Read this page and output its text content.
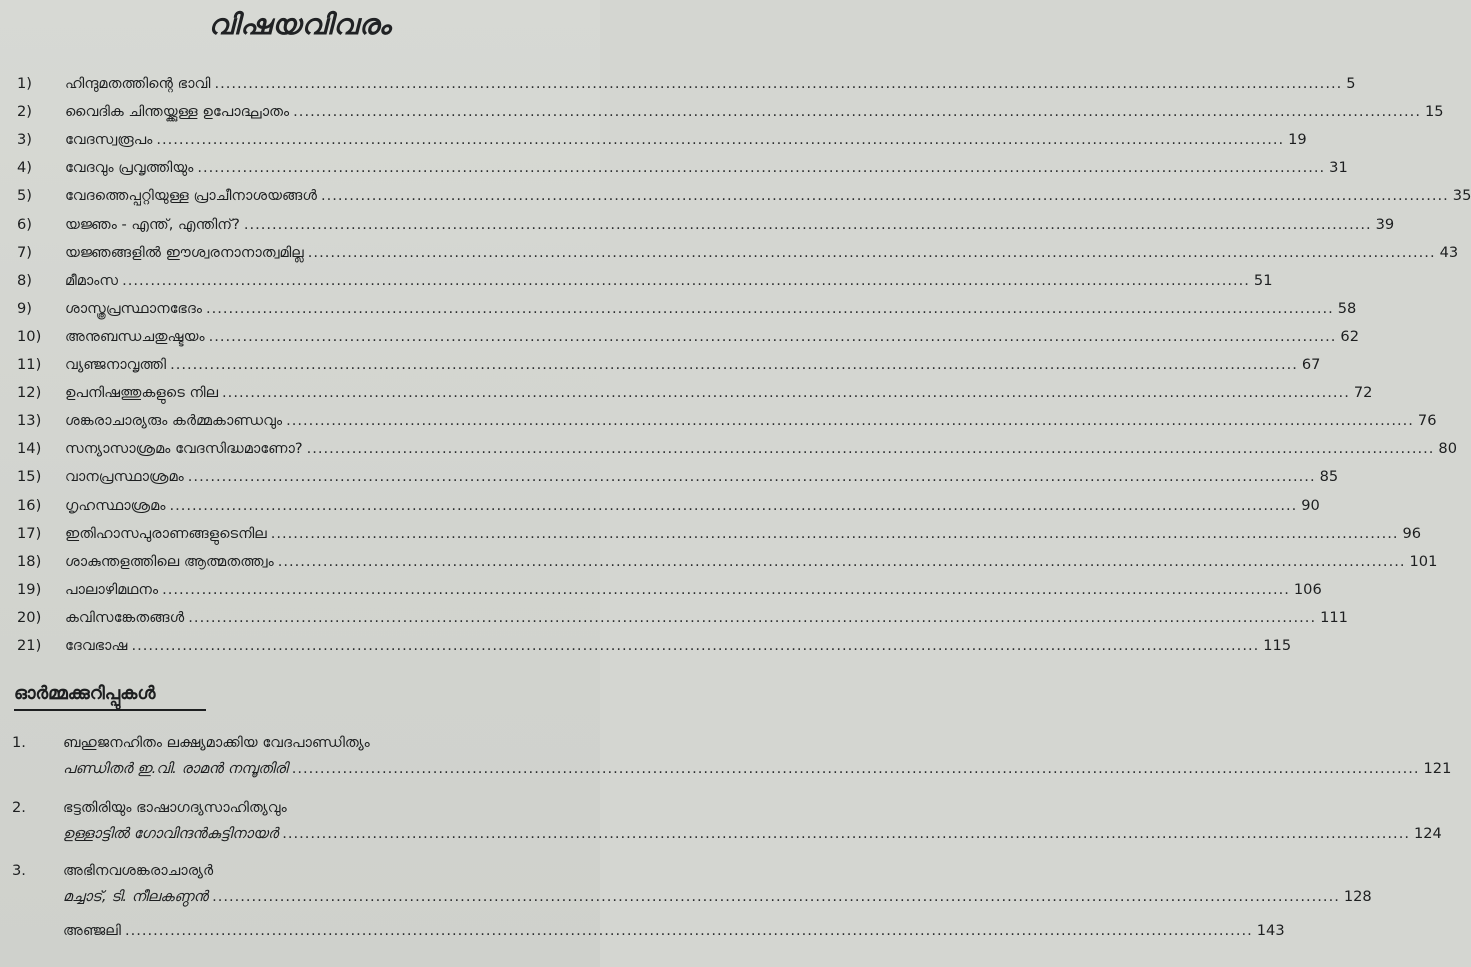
വിഷയവിവരം
1)	ഹിന്ദുമതത്തിന്റെ ഭാവി ........................................................................................................................................................................................................ 5
2)	വൈദിക ചിന്തയ്ക്കുള്ള ഉപോദ്ഘാതം ........................................................................................................................................................................................................ 15
3)	വേദസ്വരൂപം ........................................................................................................................................................................................................ 19
4)	വേദവും പ്രവൃത്തിയും ........................................................................................................................................................................................................ 31
5)	വേദത്തെപ്പറ്റിയുള്ള പ്രാചീനാശയങ്ങൾ ........................................................................................................................................................................................................ 35
6)	യജ്ഞം - എന്ത്, എന്തിന്? ........................................................................................................................................................................................................ 39
7)	യജ്ഞങ്ങളിൽ ഈശ്വരനാനാത്വമില്ല ........................................................................................................................................................................................................ 43
8)	മീമാംസ ........................................................................................................................................................................................................ 51
9)	ശാസ്ത്രപ്രസ്ഥാനഭേദം ........................................................................................................................................................................................................ 58
10)	അനുബന്ധചതുഷ്ടയം ........................................................................................................................................................................................................ 62
11)	വ്യഞ്ജനാവൃത്തി ........................................................................................................................................................................................................ 67
12)	ഉപനിഷത്തുകളുടെ നില ........................................................................................................................................................................................................ 72
13)	ശങ്കരാചാര്യരും കർമ്മകാണ്ഡവും ........................................................................................................................................................................................................ 76
14)	സന്യാസാശ്രമം വേദസിദ്ധമാണോ? ........................................................................................................................................................................................................ 80
15)	വാനപ്രസ്ഥാശ്രമം ........................................................................................................................................................................................................ 85
16)	ഗൃഹസ്ഥാശ്രമം ........................................................................................................................................................................................................ 90
17)	ഇതിഹാസപുരാണങ്ങളുടെനില ........................................................................................................................................................................................................ 96
18)	ശാകുന്തളത്തിലെ ആത്മതത്ത്വം ........................................................................................................................................................................................................ 101
19)	പാലാഴിമഥനം ........................................................................................................................................................................................................ 106
20)	കവിസങ്കേതങ്ങൾ ........................................................................................................................................................................................................ 111
21)	ദേവഭാഷ ........................................................................................................................................................................................................ 115
ഓർമ്മക്കുറിപ്പുകൾ
1.	ബഹുജനഹിതം ലക്ഷ്യമാക്കിയ വേദപാണ്ഡിത്യം
പണ്ഡിതർ ഇ.വി. രാമൻ നമ്പൂതിരി ........................................................................................................................................................................................................ 121
2.	ഭട്ടതിരിയും ഭാഷാഗദ്യസാഹിത്യവും
ഉള്ളാട്ടിൽ ഗോവിന്ദൻകുട്ടിനായർ ........................................................................................................................................................................................................ 124
3.	അഭിനവശങ്കരാചാര്യർ
മച്ചാട്, ടി. നീലകണ്ഠൻ ........................................................................................................................................................................................................ 128
അഞ്ജലി ........................................................................................................................................................................................................ 143
